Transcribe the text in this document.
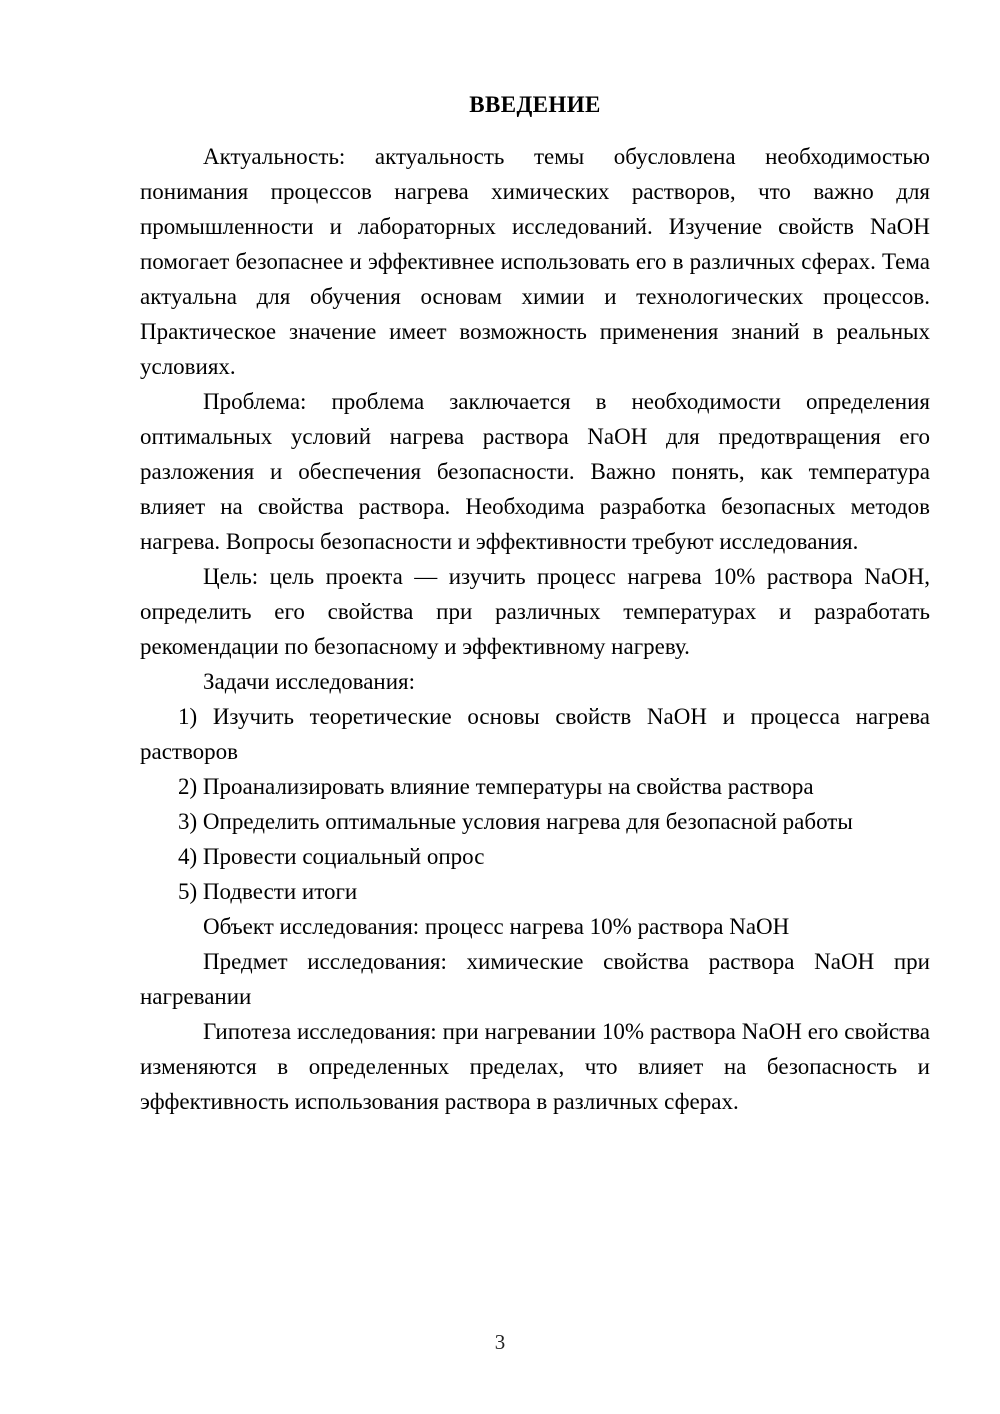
ВВЕДЕНИЕ

Актуальность: актуальность темы обусловлена необходимостью понимания процессов нагрева химических растворов, что важно для промышленности и лабораторных исследований. Изучение свойств NaOH помогает безопаснее и эффективнее использовать его в различных сферах. Тема актуальна для обучения основам химии и технологических процессов. Практическое значение имеет возможность применения знаний в реальных условиях.

Проблема: проблема заключается в необходимости определения оптимальных условий нагрева раствора NaOH для предотвращения его разложения и обеспечения безопасности. Важно понять, как температура влияет на свойства раствора. Необходима разработка безопасных методов нагрева. Вопросы безопасности и эффективности требуют исследования.

Цель: цель проекта — изучить процесс нагрева 10% раствора NaOH, определить его свойства при различных температурах и разработать рекомендации по безопасному и эффективному нагреву.

Задачи исследования:

1) Изучить теоретические основы свойств NaOH и процесса нагрева растворов

2) Проанализировать влияние температуры на свойства раствора

3) Определить оптимальные условия нагрева для безопасной работы

4) Провести социальный опрос

5) Подвести итоги

Объект исследования: процесс нагрева 10% раствора NaOH

Предмет исследования: химические свойства раствора NaOH при нагревании

Гипотеза исследования: при нагревании 10% раствора NaOH его свойства изменяются в определенных пределах, что влияет на безопасность и эффективность использования раствора в различных сферах.

3
